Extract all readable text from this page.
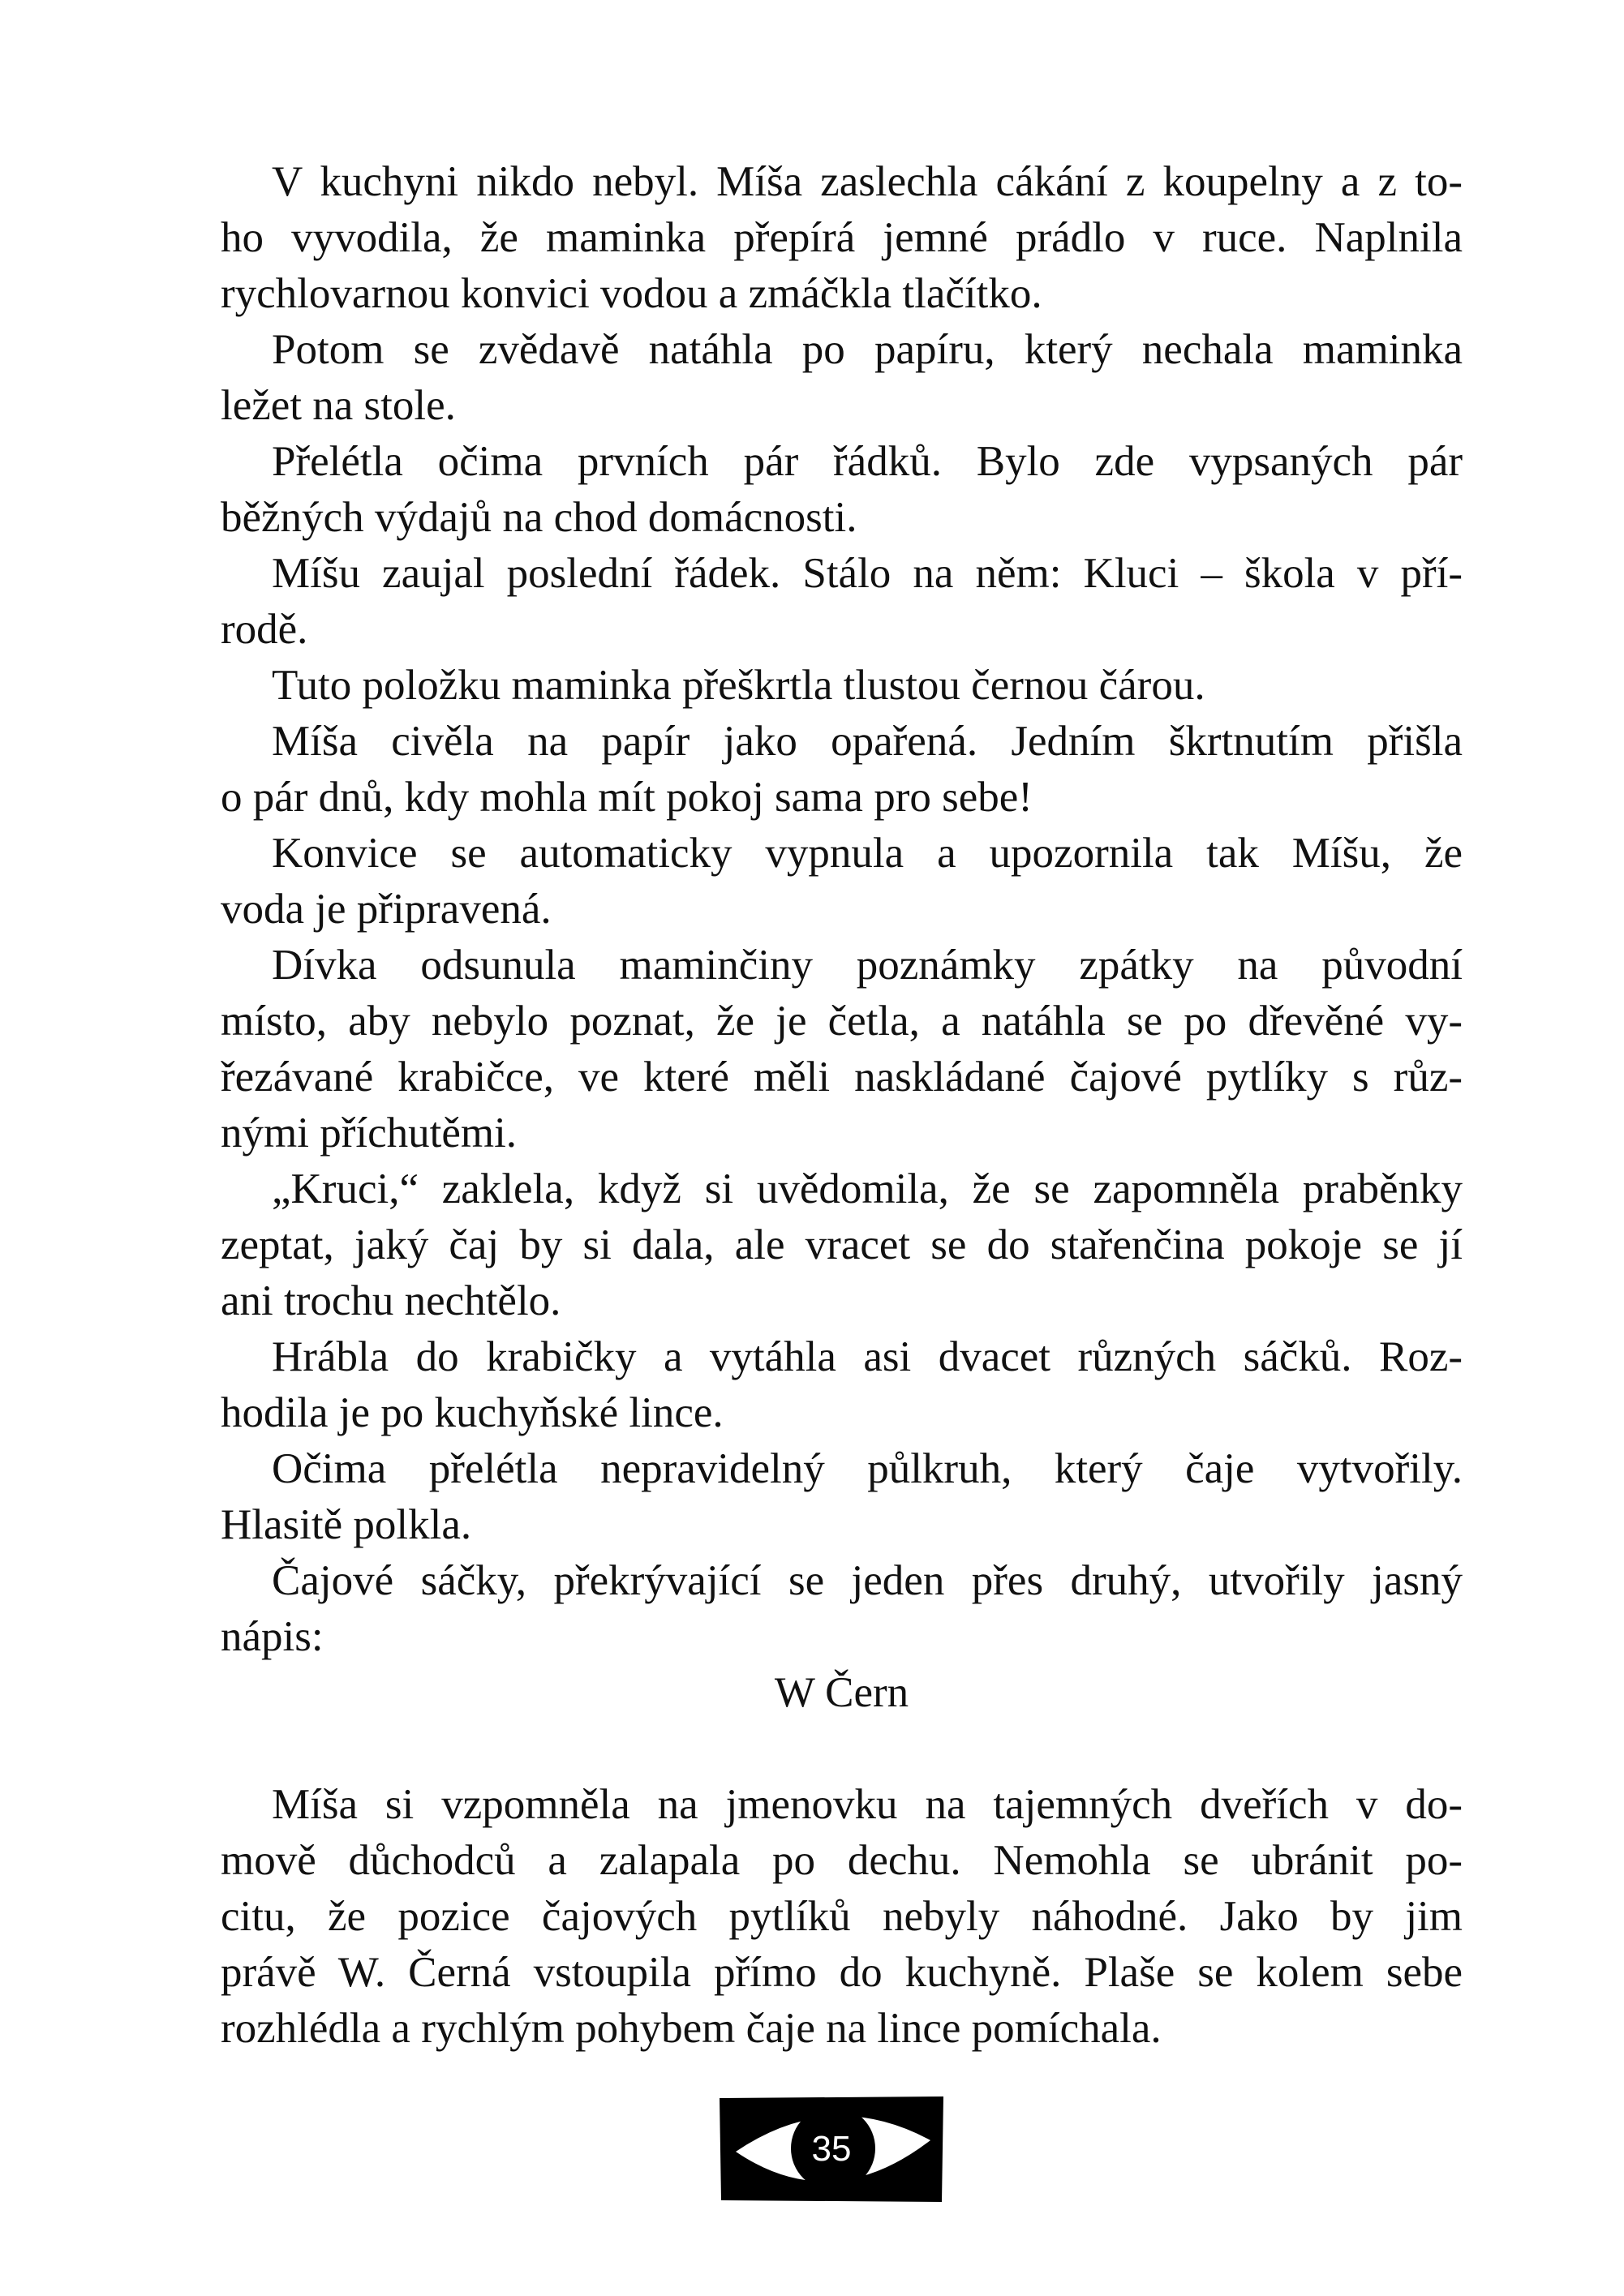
V kuchyni nikdo nebyl. Míša zaslechla cákání z koupelny a z to-
ho vyvodila, že maminka přepírá jemné prádlo v ruce. Naplnila
rychlovarnou konvici vodou a zmáčkla tlačítko.
Potom se zvědavě natáhla po papíru, který nechala maminka
ležet na stole.
Přelétla očima prvních pár řádků. Bylo zde vypsaných pár
běžných výdajů na chod domácnosti.
Míšu zaujal poslední řádek. Stálo na něm: Kluci – škola v pří-
rodě.
Tuto položku maminka přeškrtla tlustou černou čárou.
Míša civěla na papír jako opařená. Jedním škrtnutím přišla
o pár dnů, kdy mohla mít pokoj sama pro sebe!
Konvice se automaticky vypnula a upozornila tak Míšu, že
voda je připravená.
Dívka odsunula maminčiny poznámky zpátky na původní
místo, aby nebylo poznat, že je četla, a natáhla se po dřevěné vy-
řezávané krabičce, ve které měli naskládané čajové pytlíky s růz-
nými příchutěmi.
„Kruci,“ zaklela, když si uvědomila, že se zapomněla praběnky
zeptat, jaký čaj by si dala, ale vracet se do stařenčina pokoje se jí
ani trochu nechtělo.
Hrábla do krabičky a vytáhla asi dvacet různých sáčků. Roz-
hodila je po kuchyňské lince.
Očima přelétla nepravidelný půlkruh, který čaje vytvořily.
Hlasitě polkla.
Čajové sáčky, překrývající se jeden přes druhý, utvořily jasný
nápis:
W Čern
Míša si vzpomněla na jmenovku na tajemných dveřích v do-
mově důchodců a zalapala po dechu. Nemohla se ubránit po-
citu, že pozice čajových pytlíků nebyly náhodné. Jako by jim
právě W. Černá vstoupila přímo do kuchyně. Plaše se kolem sebe
rozhlédla a rychlým pohybem čaje na lince pomíchala.
35
